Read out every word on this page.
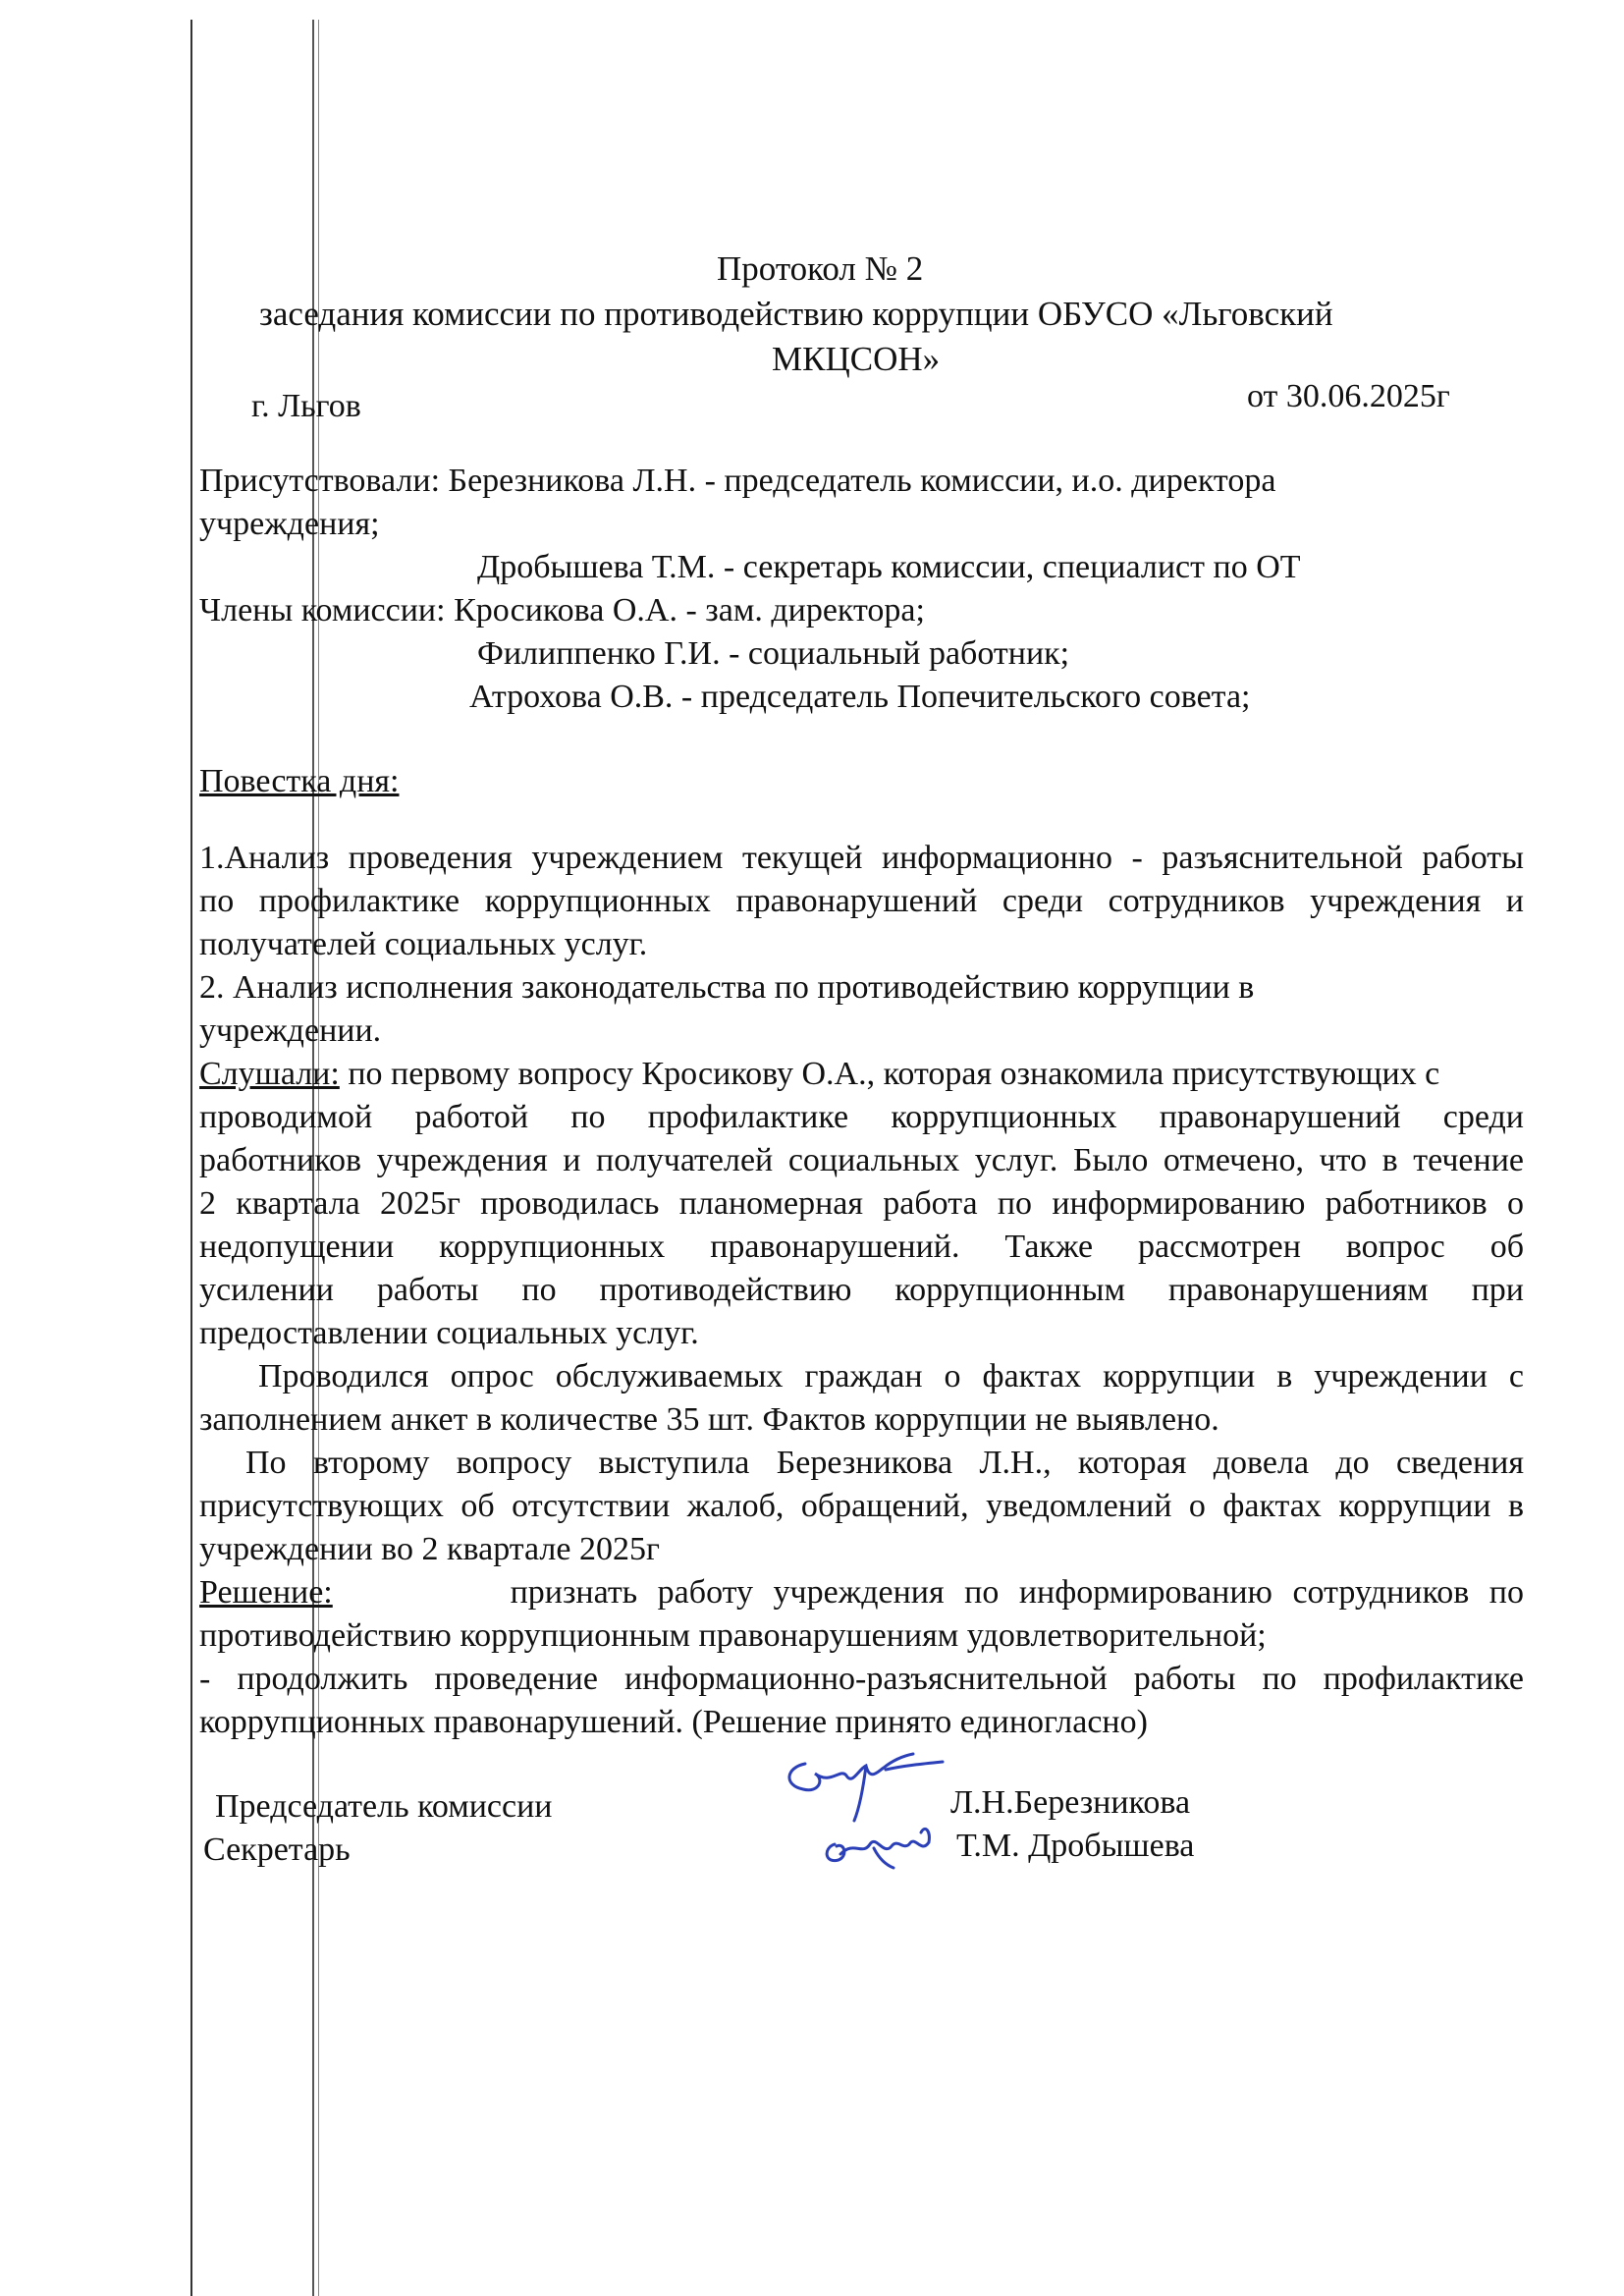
Протокол № 2
заседания комиссии по противодействию коррупции ОБУСО «Льговский
МКЦСОН»
г. Льгов	от 30.06.2025г
Присутствовали: Березникова Л.Н. - председатель комиссии, и.о. директора
учреждения;
Дробышева Т.М. - секретарь комиссии, специалист по ОТ
Члены комиссии: Кросикова О.А. - зам. директора;
Филиппенко Г.И. - социальный работник;
Атрохова О.В. - председатель Попечительского совета;
Повестка дня:
1.Анализ проведения учреждением текущей информационно - разъяснительной работы
по профилактике коррупционных правонарушений среди сотрудников учреждения и
получателей социальных услуг.
2. Анализ исполнения законодательства по противодействию коррупции в
учреждении.
Слушали: по первому вопросу Кросикову О.А., которая ознакомила присутствующих с
проводимой работой по профилактике коррупционных правонарушений среди
работников учреждения и получателей социальных услуг. Было отмечено, что в течение
2 квартала 2025г проводилась планомерная работа по информированию работников о
недопущении коррупционных правонарушений. Также рассмотрен вопрос об
усилении работы по противодействию коррупционным правонарушениям при
предоставлении социальных услуг.
Проводился опрос обслуживаемых граждан о фактах коррупции в учреждении с
заполнением анкет в количестве 35 шт. Фактов коррупции не выявлено.
По второму вопросу выступила Березникова Л.Н., которая довела до сведения
присутствующих об отсутствии жалоб, обращений, уведомлений о фактах коррупции в
учреждении во 2 квартале 2025г
Решение:	признать работу учреждения по информированию сотрудников по
противодействию коррупционным правонарушениям удовлетворительной;
- продолжить проведение информационно-разъяснительной работы по профилактике
коррупционных правонарушений. (Решение принято единогласно)
Председатель комиссии
Секретарь
Л.Н.Березникова
Т.М. Дробышева
